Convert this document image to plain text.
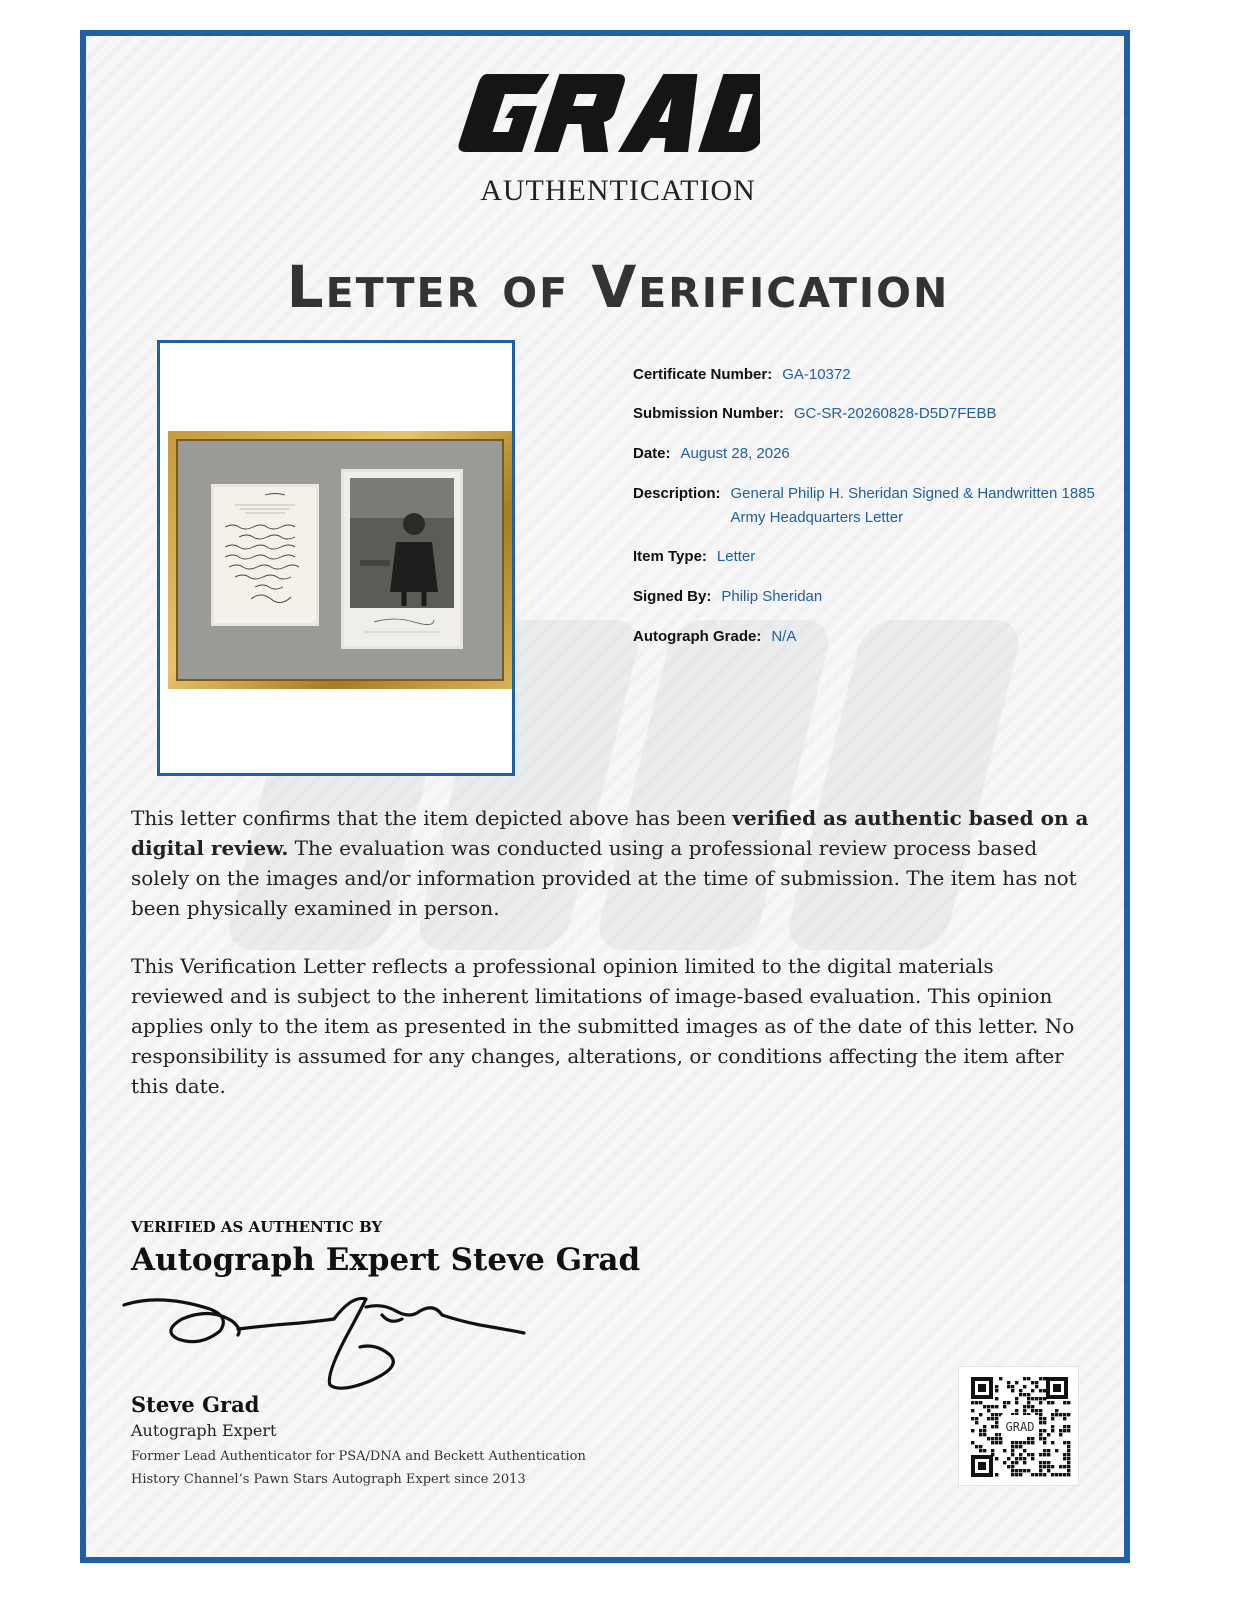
AUTHENTICATION
Letter of Verification
Certificate Number: GA-10372
Submission Number: GC-SR-20260828-D5D7FEBB
Date: August 28, 2026
Description: General Philip H. Sheridan Signed & Handwritten 1885 Army Headquarters Letter
Item Type: Letter
Signed By: Philip Sheridan
Autograph Grade: N/A
This letter confirms that the item depicted above has been verified as authentic based on a digital review. The evaluation was conducted using a professional review process based solely on the images and/or information provided at the time of submission. The item has not been physically examined in person.
This Verification Letter reflects a professional opinion limited to the digital materials reviewed and is subject to the inherent limitations of image-based evaluation. This opinion applies only to the item as presented in the submitted images as of the date of this letter. No responsibility is assumed for any changes, alterations, or conditions affecting the item after this date.
VERIFIED AS AUTHENTIC BY
Autograph Expert Steve Grad
Steve Grad
Autograph Expert
Former Lead Authenticator for PSA/DNA and Beckett Authentication
History Channel’s Pawn Stars Autograph Expert since 2013
GRAD
